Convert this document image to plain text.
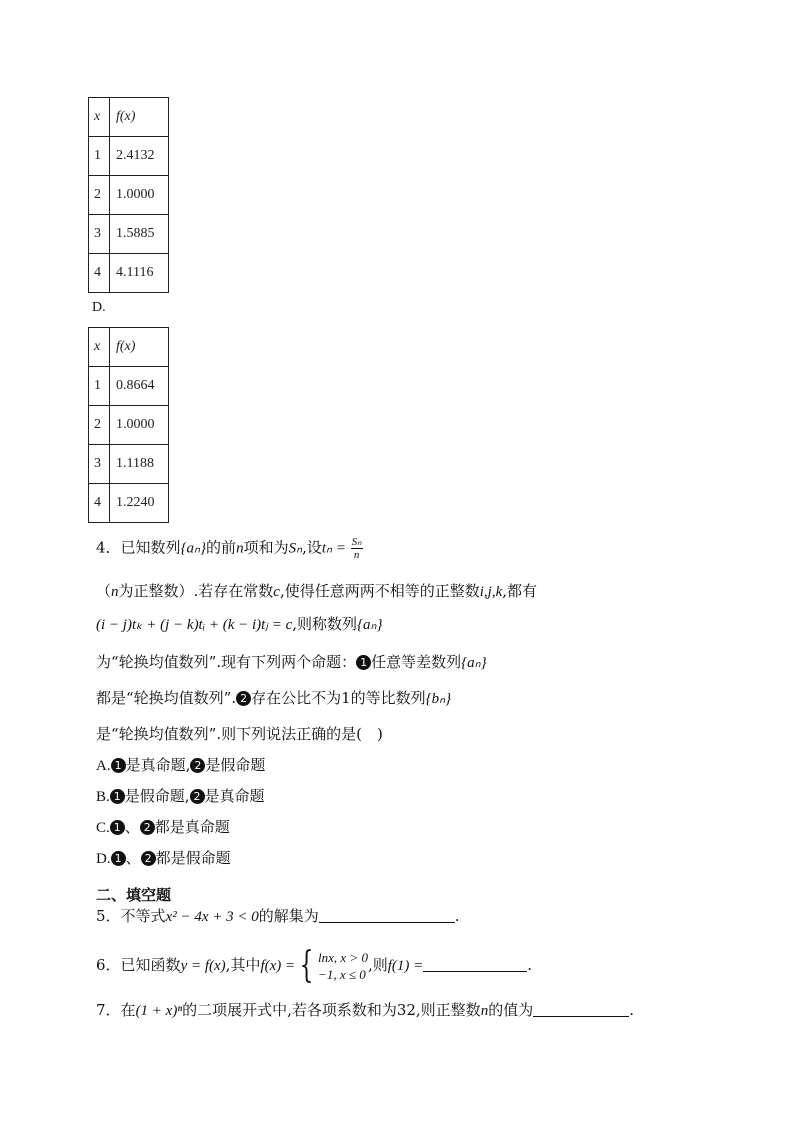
x	f(x)
1	2.4132
2	1.0000
3	1.5885
4	4.1116
D.
x	f(x)
1	0.8664
2	1.0000
3	1.1188
4	1.2240
4．已知数列{aₙ}的前n项和为Sₙ,设$t_n = \frac{\text{Sₙ}}{n}$
（n为正整数）.若存在常数c,使得任意两两不相等的正整数i,j,k,都有
(i − j)tₖ + (j − k)tᵢ + (k − i)tⱼ = c,则称数列{aₙ}
为“轮换均值数列”.现有下列两个命题： 1 任意等差数列{aₙ}
都是“轮换均值数列”. 2 存在公比不为1的等比数列{bₙ}
是“轮换均值数列”.则下列说法正确的是(　)
A. 1 是真命题, 2 是假命题
B. 1 是假命题, 2 是真命题
C. 1 、 2 都是真命题
D. 1 、 2 都是假命题
二、填空题
5．不等式x² − 4x + 3 < 0的解集为	.
6．已知函数y = f(x),其中f(x) = { lnx, x > 0
−1, x ≤ 0
,则f(1) =	.
7．在(1 + x)ⁿ的二项展开式中,若各项系数和为32,则正整数n的值为	.
